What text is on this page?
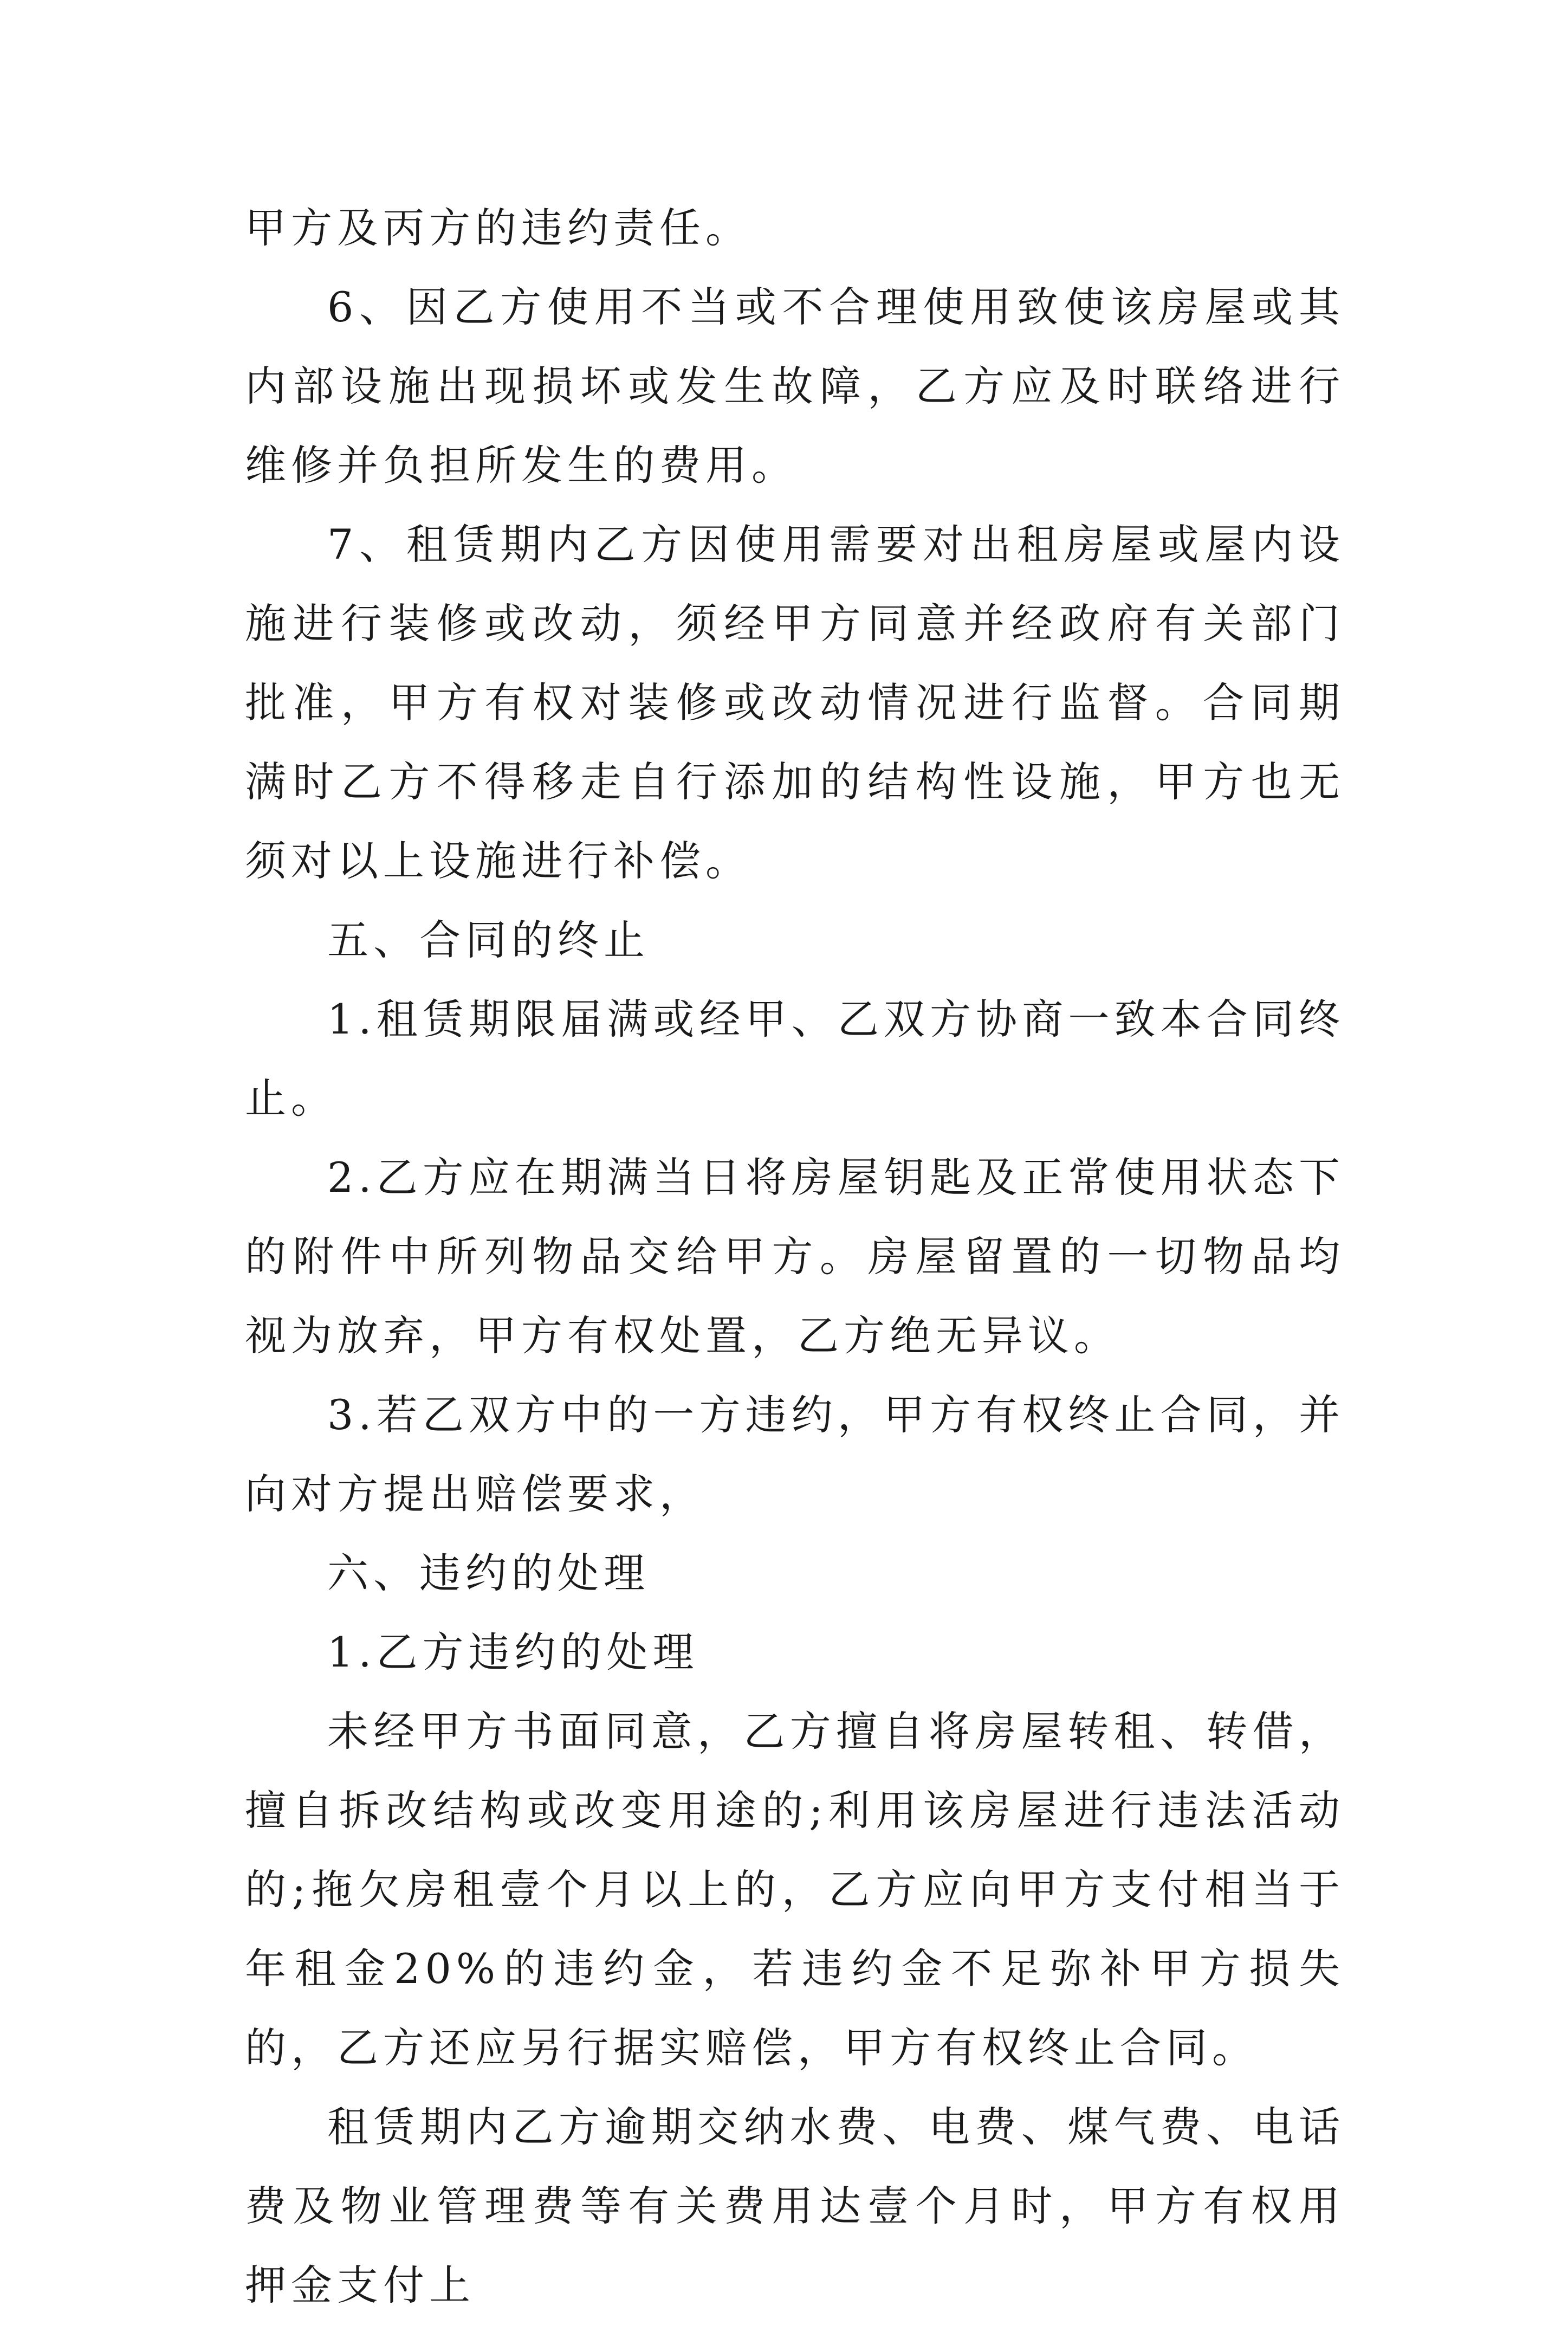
甲方及丙方的违约责任。

6、因乙方使用不当或不合理使用致使该房屋或其内部设施出现损坏或发生故障，乙方应及时联络进行维修并负担所发生的费用。

7、租赁期内乙方因使用需要对出租房屋或屋内设施进行装修或改动，须经甲方同意并经政府有关部门批准，甲方有权对装修或改动情况进行监督。合同期满时乙方不得移走自行添加的结构性设施，甲方也无须对以上设施进行补偿。

五、合同的终止

1.租赁期限届满或经甲、乙双方协商一致本合同终止。

2.乙方应在期满当日将房屋钥匙及正常使用状态下的附件中所列物品交给甲方。房屋留置的一切物品均视为放弃，甲方有权处置，乙方绝无异议。

3.若乙双方中的一方违约，甲方有权终止合同，并向对方提出赔偿要求，

六、违约的处理

1.乙方违约的处理

未经甲方书面同意，乙方擅自将房屋转租、转借，擅自拆改结构或改变用途的;利用该房屋进行违法活动的;拖欠房租壹个月以上的，乙方应向甲方支付相当于年租金20%的违约金，若违约金不足弥补甲方损失的，乙方还应另行据实赔偿，甲方有权终止合同。

租赁期内乙方逾期交纳水费、电费、煤气费、电话费及物业管理费等有关费用达壹个月时，甲方有权用押金支付上
